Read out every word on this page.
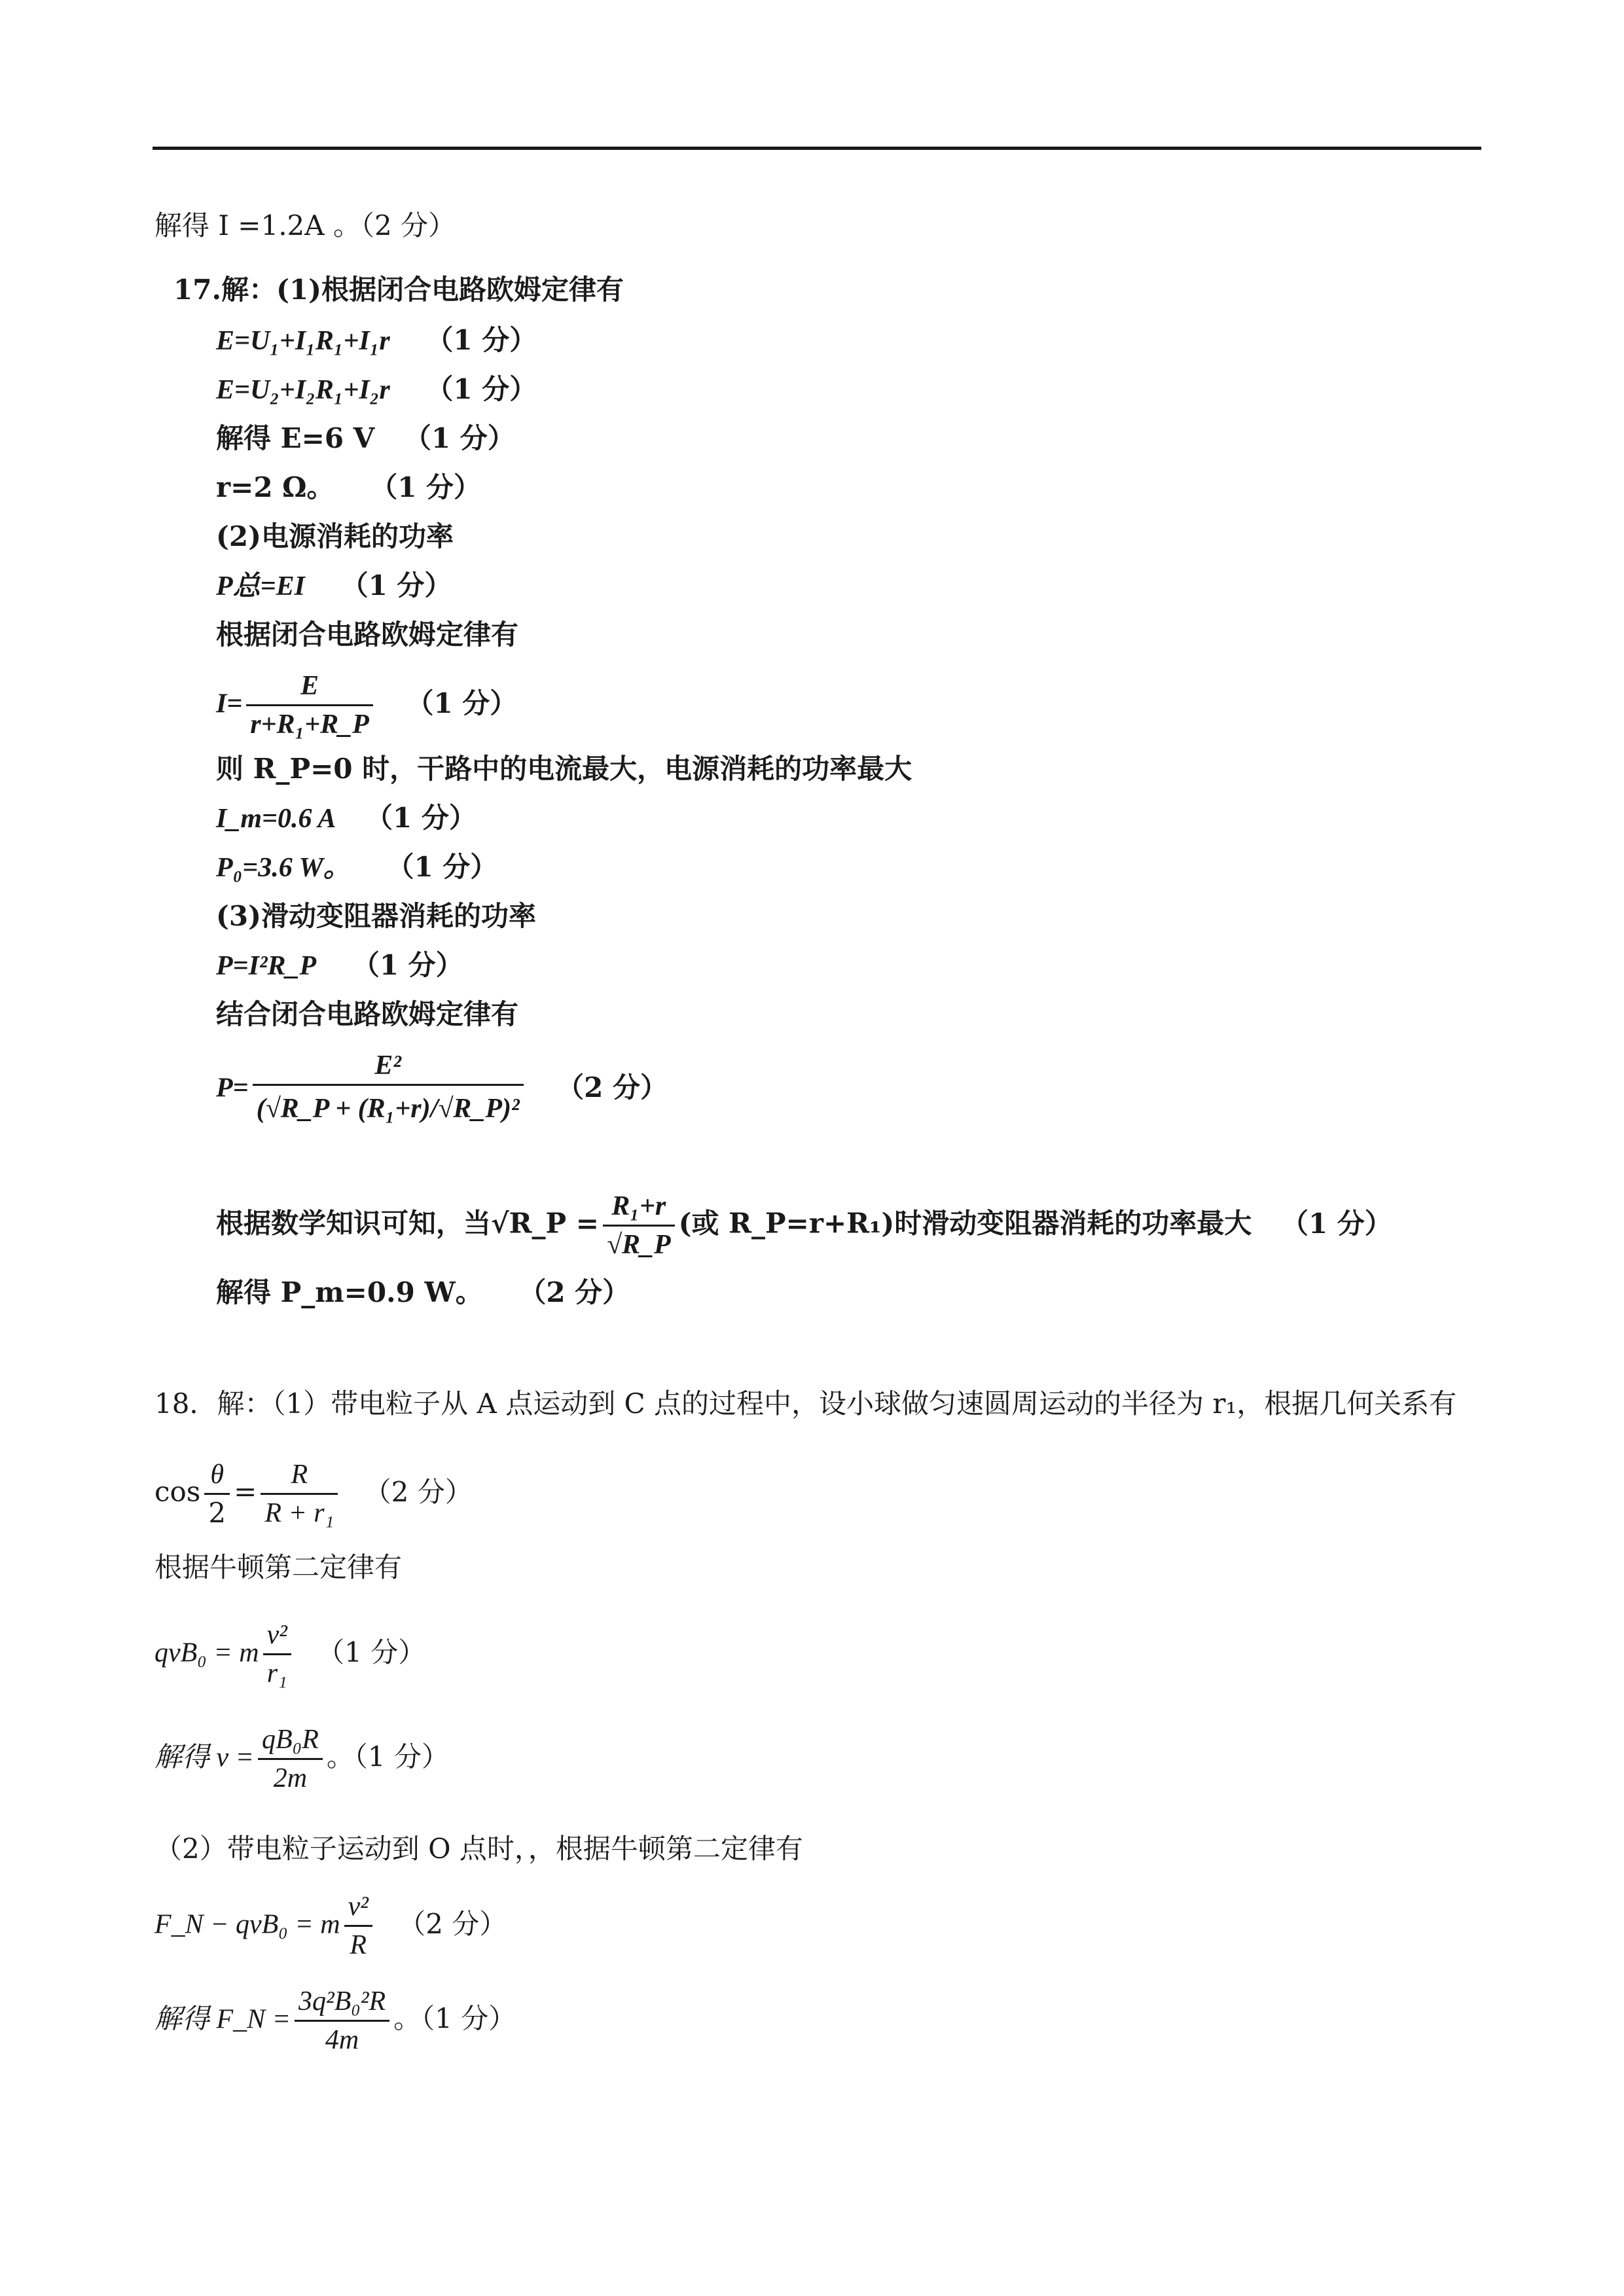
解得 I =1.2A 。（2 分）
17.解：(1)根据闭合电路欧姆定律有
E=U₁+I₁R₁+I₁r （1 分）
E=U₂+I₂R₁+I₂r （1 分）
解得 E=6 V （1 分）
r=2 Ω。 （1 分）
(2)电源消耗的功率
P总=EI （1 分）
根据闭合电路欧姆定律有
$I= \frac{E}{\text{r+R₁+R\_P}} (1$ 分）
则 R_P=0 时，干路中的电流最大，电源消耗的功率最大
I_m=0.6 A （1 分）
P₀=3.6 W。 （1 分）
(3)滑动变阻器消耗的功率
P=I²R_P （1 分）
结合闭合电路欧姆定律有
$P= \frac{\text{E²}}{\text{(√R\_P + (R₁+r)/√R\_P)²}} (2$ 分）
根据数学知识可知，当√R_P = $\frac{\text{R₁+r}}{√R\_P}$ (或 R_P=r+R₁)时滑动变阻器消耗的功率最大 （1 分）
解得 P_m=0.9 W。 （2 分）
18．解：（1）带电粒子从 A 点运动到 C 点的过程中，设小球做匀速圆周运动的半径为 r₁，根据几何关系有
$\cos \frac{\theta}{2} = \frac{R}{\text{R + r₁}} (2$ 分）
根据牛顿第二定律有
qvB₀ = m $\frac{\text{v²}}{\text{r₁}} (1$ 分）
解得 $v = \frac{\text{qB₀R}}{2m}$ 。（1 分）
（2）带电粒子运动到 O 点时，，根据牛顿第二定律有
F_N − qvB₀ = m $\frac{\text{v²}}{R} (2$ 分）
解得 F_N = $\frac{\text{3q²B₀²R}}{4m}$ 。（1 分）
